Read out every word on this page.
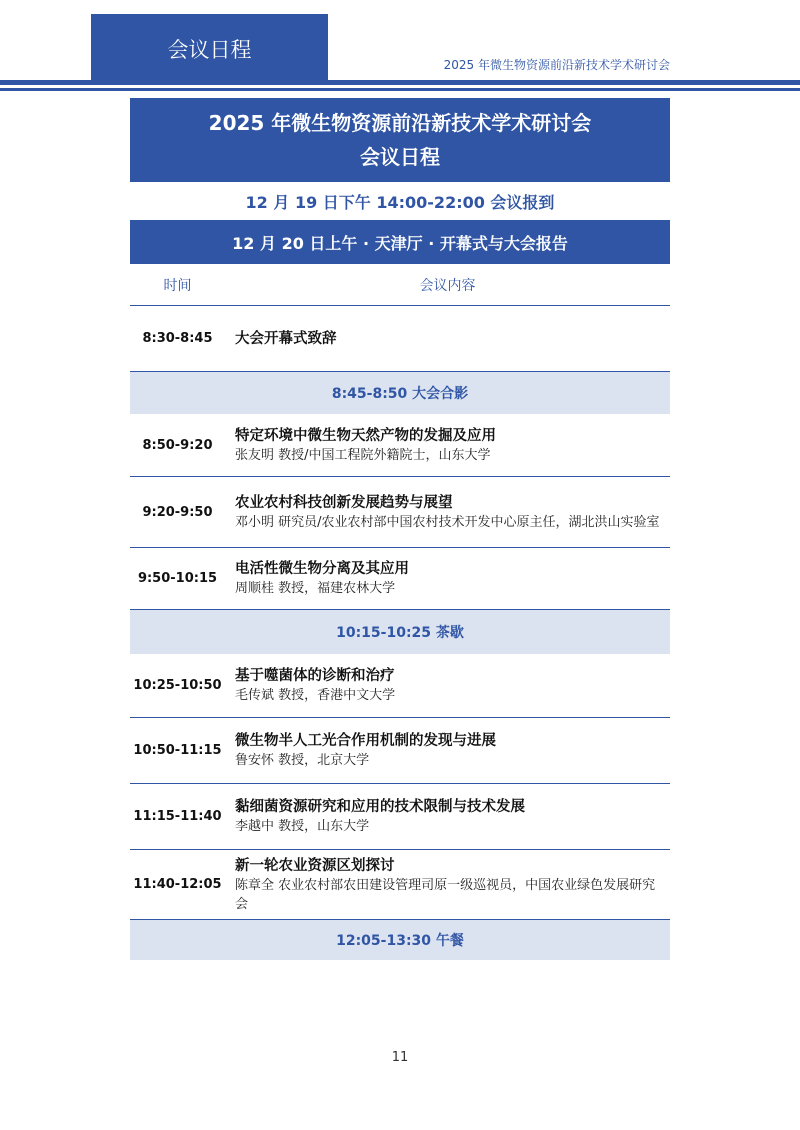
会议日程
2025 年微生物资源前沿新技术学术研讨会
2025 年微生物资源前沿新技术学术研讨会
会议日程
12 月 19 日下午 14:00-22:00 会议报到
12 月 20 日上午 · 天津厅 · 开幕式与大会报告
时间	会议内容
8:30-8:45	大会开幕式致辞
8:45-8:50 大会合影
8:50-9:20
特定环境中微生物天然产物的发掘及应用
张友明 教授/中国工程院外籍院士，山东大学
9:20-9:50
农业农村科技创新发展趋势与展望
邓小明 研究员/农业农村部中国农村技术开发中心原主任，湖北洪山实验室
9:50-10:15
电活性微生物分离及其应用
周顺桂 教授，福建农林大学
10:15-10:25 茶歇
10:25-10:50
基于噬菌体的诊断和治疗
毛传斌 教授，香港中文大学
10:50-11:15
微生物半人工光合作用机制的发现与进展
鲁安怀 教授，北京大学
11:15-11:40
黏细菌资源研究和应用的技术限制与技术发展
李越中 教授，山东大学
11:40-12:05
新一轮农业资源区划探讨
陈章全 农业农村部农田建设管理司原一级巡视员，中国农业绿色发展研究会
12:05-13:30 午餐
11
